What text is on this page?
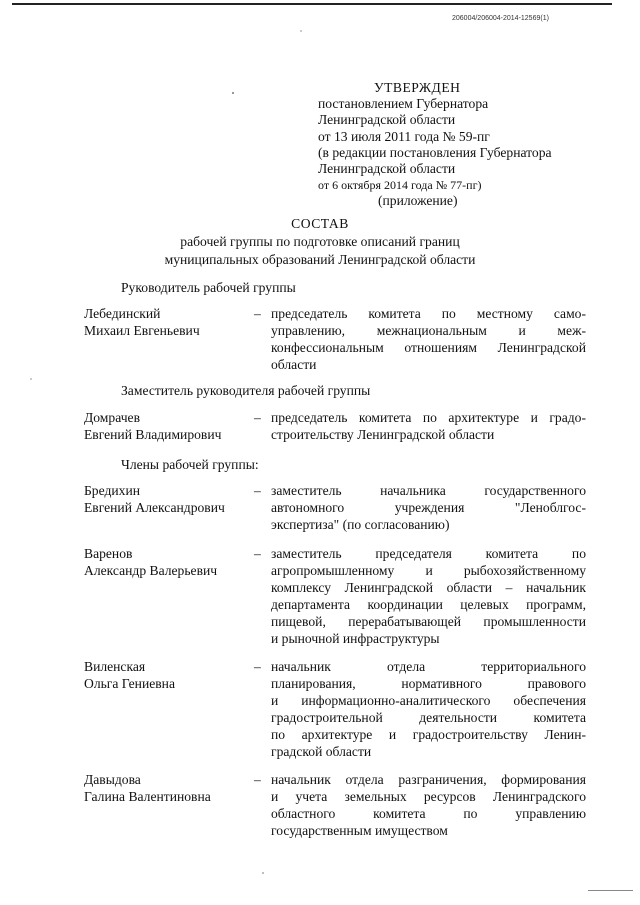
206004/206004-2014-12569(1)
УТВЕРЖДЕН
постановлением Губернатора
Ленинградской области
от 13 июля 2011 года № 59-пг
(в редакции постановления Губернатора
Ленинградской области
от 6 октября 2014 года № 77-пг)
(приложение)
СОСТАВ
рабочей группы по подготовке описаний границ
муниципальных образований Ленинградской области
Руководитель рабочей группы
Лебединский
Михаил Евгеньевич
– председатель комитета по местному само-
управлению, межнациональным и меж-
конфессиональным отношениям Ленинградской
области
Заместитель руководителя рабочей группы
Домрачев
Евгений Владимирович
– председатель комитета по архитектуре и градо-
строительству Ленинградской области
Члены рабочей группы:
Бредихин
Евгений Александрович
– заместитель начальника государственного
автономного учреждения "Леноблгос-
экспертиза" (по согласованию)
Варенов
Александр Валерьевич
– заместитель председателя комитета по
агропромышленному и рыбохозяйственному
комплексу Ленинградской области – начальник
департамента координации целевых программ,
пищевой, перерабатывающей промышленности
и рыночной инфраструктуры
Виленская
Ольга Гениевна
– начальник отдела территориального
планирования, нормативного правового
и информационно-аналитического обеспечения
градостроительной деятельности комитета
по архитектуре и градостроительству Ленин-
градской области
Давыдова
Галина Валентиновна
– начальник отдела разграничения, формирования
и учета земельных ресурсов Ленинградского
областного комитета по управлению
государственным имуществом
